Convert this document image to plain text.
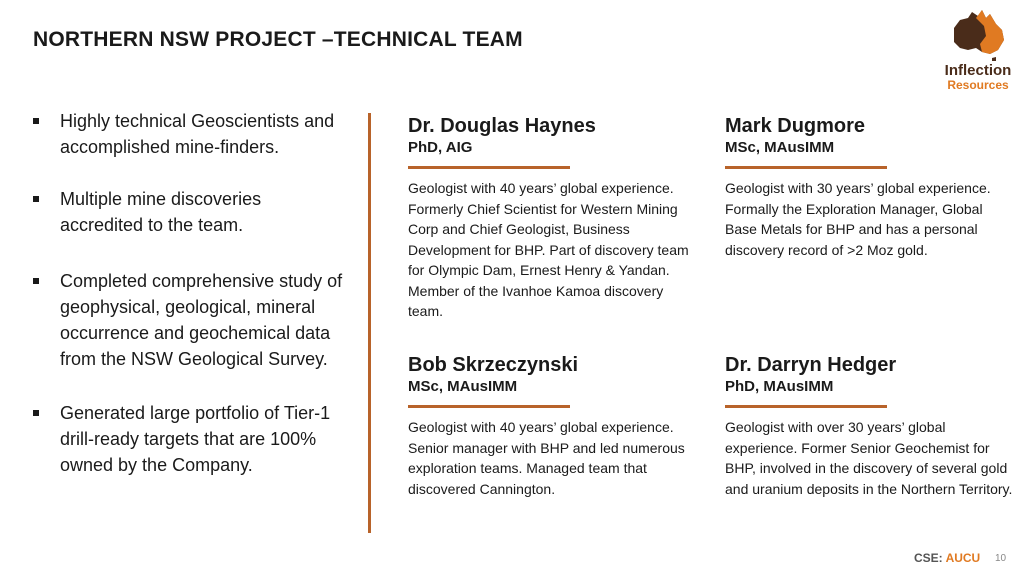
NORTHERN NSW PROJECT –TECHNICAL TEAM
Inflection
Resources
Highly technical Geoscientists and accomplished mine-finders.
Multiple mine discoveries accredited to the team.
Completed comprehensive study of geophysical, geological, mineral occurrence and geochemical data from the NSW Geological Survey.
Generated large portfolio of Tier-1 drill-ready targets that are 100% owned by the Company.
Dr. Douglas Haynes
PhD, AIG
Geologist with 40 years’ global experience. Formerly Chief Scientist for Western Mining Corp and Chief Geologist, Business Development for BHP. Part of discovery team for Olympic Dam, Ernest Henry & Yandan. Member of the Ivanhoe Kamoa discovery team.
Mark Dugmore
MSc, MAusIMM
Geologist with 30 years’ global experience. Formally the Exploration Manager, Global Base Metals for BHP and has a personal discovery record of >2 Moz gold.
Bob Skrzeczynski
MSc, MAusIMM
Geologist with 40 years’ global experience. Senior manager with BHP and led numerous exploration teams. Managed team that discovered Cannington.
Dr. Darryn Hedger
PhD, MAusIMM
Geologist with over 30 years’ global experience. Former Senior Geochemist for BHP, involved in the discovery of several gold and uranium deposits in the Northern Territory.
CSE: AUCU 10
